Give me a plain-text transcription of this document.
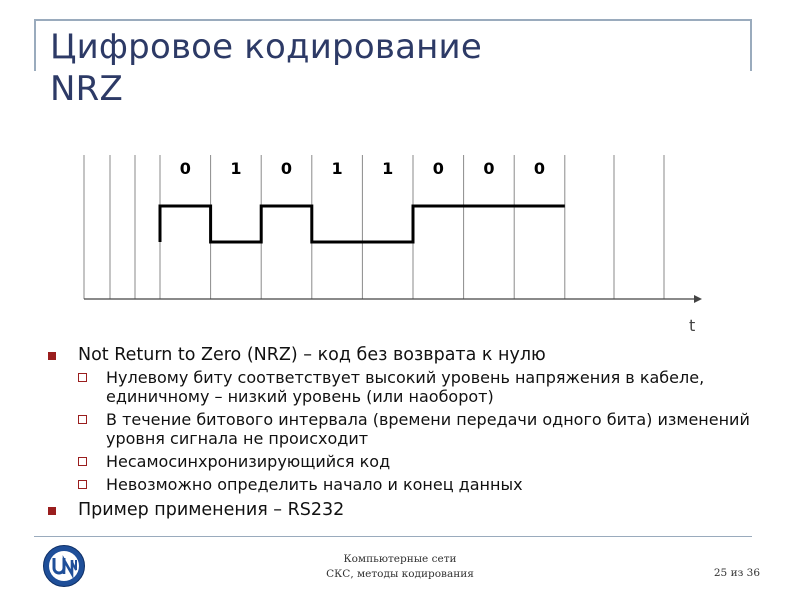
Цифровое кодирование
NRZ
0 1 0 1 1 0 0 0
t
Not Return to Zero (NRZ) – код без возврата к нулю
Нулевому биту соответствует высокий уровень напряжения в кабеле, единичному – низкий уровень (или наоборот)
В течение битового интервала (времени передачи одного бита) изменений уровня сигнала не происходит
Несамосинхронизирующийся код
Невозможно определить начало и конец данных
Пример применения – RS232
Компьютерные сети
СКС, методы кодирования	25 из 36
